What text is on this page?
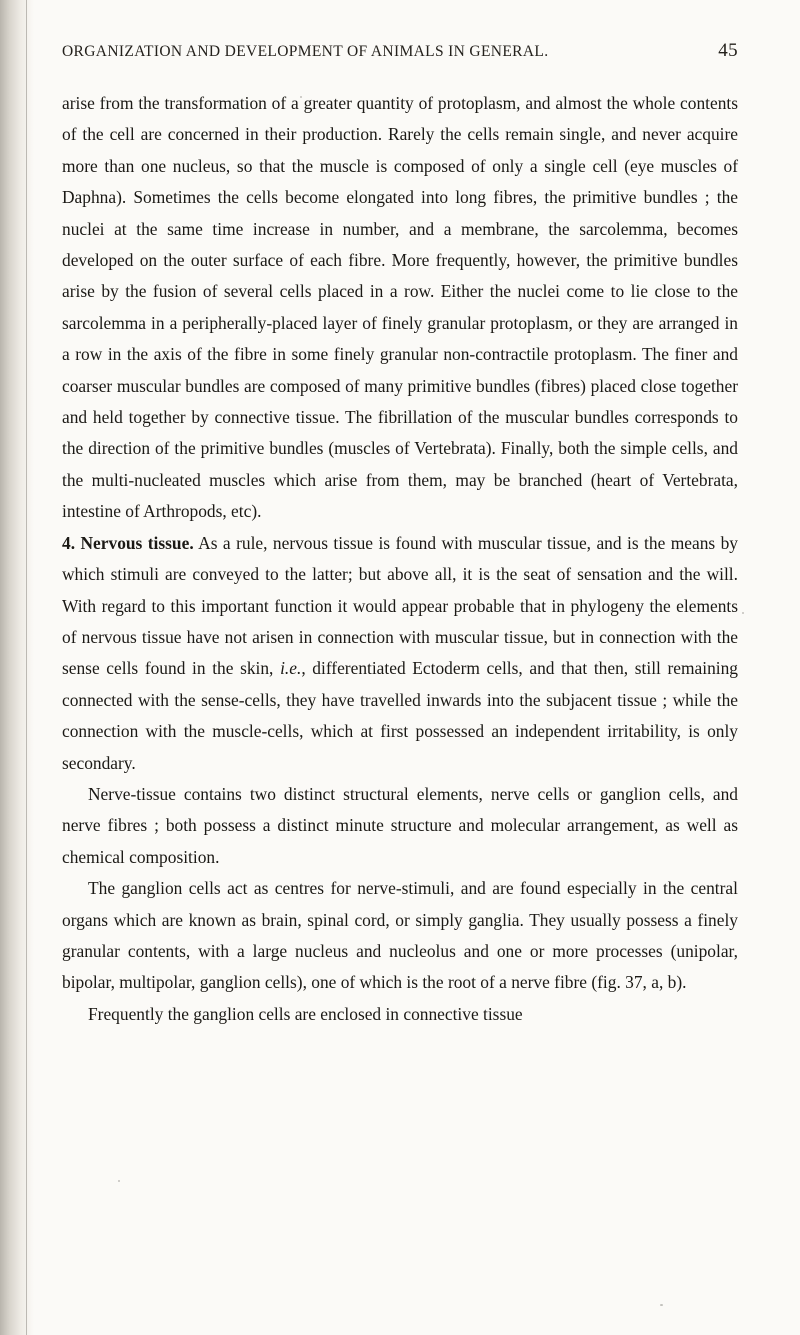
ORGANIZATION AND DEVELOPMENT OF ANIMALS IN GENERAL.	45

arise from the transformation of a greater quantity of protoplasm, and almost the whole contents of the cell are concerned in their production. Rarely the cells remain single, and never acquire more than one nucleus, so that the muscle is composed of only a single cell (eye muscles of Daphna). Sometimes the cells become elongated into long fibres, the primitive bundles ; the nuclei at the same time increase in number, and a membrane, the sarcolemma, becomes developed on the outer surface of each fibre. More frequently, however, the primitive bundles arise by the fusion of several cells placed in a row. Either the nuclei come to lie close to the sarcolemma in a peripherally-placed layer of finely granular protoplasm, or they are arranged in a row in the axis of the fibre in some finely granular non-contractile protoplasm. The finer and coarser muscular bundles are composed of many primitive bundles (fibres) placed close together and held together by connective tissue. The fibrillation of the muscular bundles corresponds to the direction of the primitive bundles (muscles of Vertebrata). Finally, both the simple cells, and the multi-nucleated muscles which arise from them, may be branched (heart of Vertebrata, intestine of Arthropods, etc).

4. Nervous tissue. As a rule, nervous tissue is found with muscular tissue, and is the means by which stimuli are conveyed to the latter; but above all, it is the seat of sensation and the will. With regard to this important function it would appear probable that in phylogeny the elements of nervous tissue have not arisen in connection with muscular tissue, but in connection with the sense cells found in the skin, i.e., differentiated Ectoderm cells, and that then, still remaining connected with the sense-cells, they have travelled inwards into the subjacent tissue ; while the connection with the muscle-cells, which at first possessed an independent irritability, is only secondary.

Nerve-tissue contains two distinct structural elements, nerve cells or ganglion cells, and nerve fibres ; both possess a distinct minute structure and molecular arrangement, as well as chemical composition.

The ganglion cells act as centres for nerve-stimuli, and are found especially in the central organs which are known as brain, spinal cord, or simply ganglia. They usually possess a finely granular contents, with a large nucleus and nucleolus and one or more processes (unipolar, bipolar, multipolar, ganglion cells), one of which is the root of a nerve fibre (fig. 37, a, b).

Frequently the ganglion cells are enclosed in connective tissue
